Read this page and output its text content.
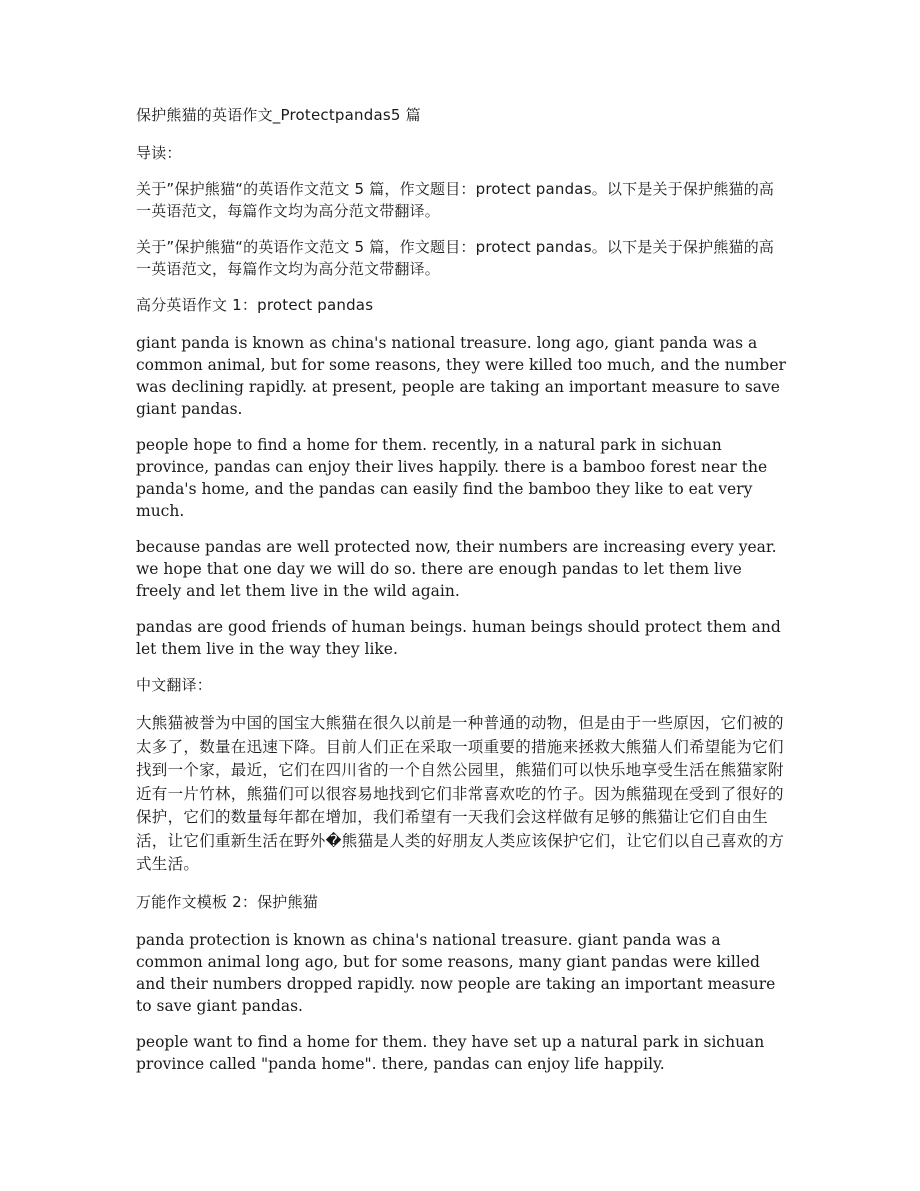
保护熊猫的英语作文_Protectpandas5 篇

导读：

关于”保护熊猫“的英语作文范文 5 篇，作文题目：protect pandas。以下是关于保护熊猫的高一英语范文，每篇作文均为高分范文带翻译。

关于”保护熊猫“的英语作文范文 5 篇，作文题目：protect pandas。以下是关于保护熊猫的高一英语范文，每篇作文均为高分范文带翻译。

高分英语作文 1：protect pandas

giant panda is known as china's national treasure. long ago, giant panda was a common animal, but for some reasons, they were killed too much, and the number was declining rapidly. at present, people are taking an important measure to save giant pandas.

people hope to find a home for them. recently, in a natural park in sichuan province, pandas can enjoy their lives happily. there is a bamboo forest near the panda's home, and the pandas can easily find the bamboo they like to eat very much.

because pandas are well protected now, their numbers are increasing every year. we hope that one day we will do so. there are enough pandas to let them live freely and let them live in the wild again.

pandas are good friends of human beings. human beings should protect them and let them live in the way they like.

中文翻译：

大熊猫被誉为中国的国宝大熊猫在很久以前是一种普通的动物，但是由于一些原因，它们被的太多了，数量在迅速下降。目前人们正在采取一项重要的措施来拯救大熊猫人们希望能为它们找到一个家，最近，它们在四川省的一个自然公园里，熊猫们可以快乐地享受生活在熊猫家附近有一片竹林，熊猫们可以很容易地找到它们非常喜欢吃的竹子。因为熊猫现在受到了很好的保护，它们的数量每年都在增加，我们希望有一天我们会这样做有足够的熊猫让它们自由生活，让它们重新生活在野外�熊猫是人类的好朋友人类应该保护它们，让它们以自己喜欢的方式生活。

万能作文模板 2：保护熊猫

panda protection is known as china's national treasure. giant panda was a common animal long ago, but for some reasons, many giant pandas were killed and their numbers dropped rapidly. now people are taking an important measure to save giant pandas.

people want to find a home for them. they have set up a natural park in sichuan province called "panda home". there, pandas can enjoy life happily.
